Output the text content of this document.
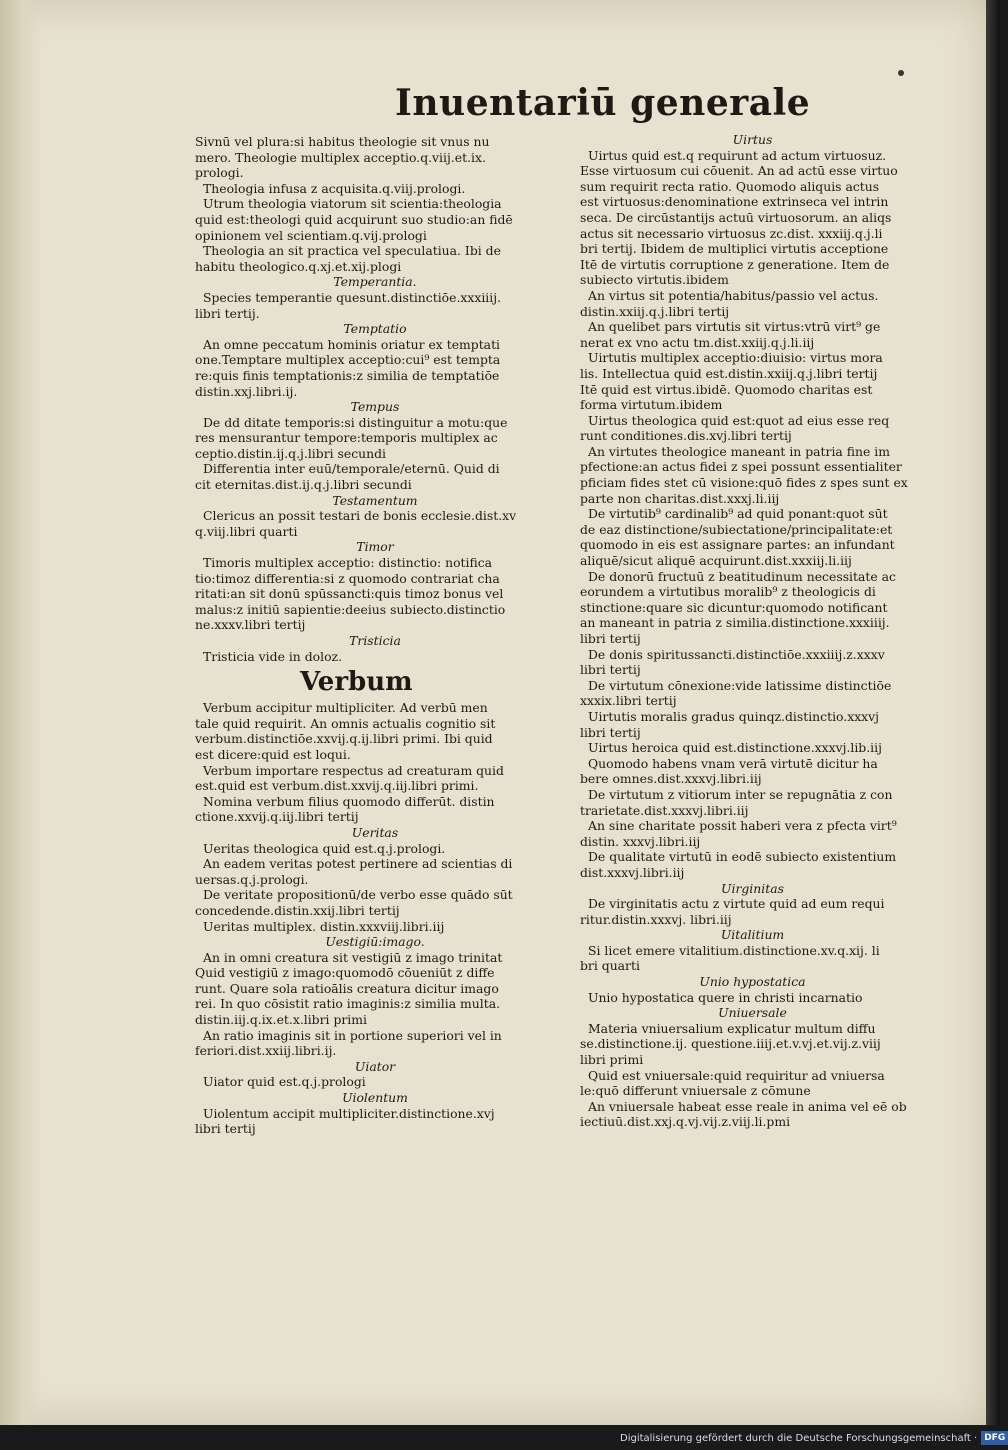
Inuentariū generale
Sivnū vel plura:si habitus theologie sit vnus nu
mero. Theologie multiplex acceptio.q.viij.et.ix.
prologi.
Theologia infusa z acquisita.q.viij.prologi.
Utrum theologia viatorum sit scientia:theologia
quid est:theologi quid acquirunt suo studio:an fidē
opinionem vel scientiam.q.vij.prologi
Theologia an sit practica vel speculatiua. Ibi de
habitu theologico.q.xj.et.xij.plogi
Temperantia.
Species temperantie quesunt.distinctiōe.xxxiiij.
libri tertij.
Temptatio
An omne peccatum hominis oriatur ex temptati
one.Temptare multiplex acceptio:cui⁹ est tempta
re:quis finis temptationis:z similia de temptatiōe
distin.xxj.libri.ij.
Tempus
De dd ditate temporis:si distinguitur a motu:que
res mensurantur tempore:temporis multiplex ac
ceptio.distin.ij.q.j.libri secundi
Differentia inter euū/temporale/eternū. Quid di
cit eternitas.dist.ij.q.j.libri secundi
Testamentum
Clericus an possit testari de bonis ecclesie.dist.xv
q.viij.libri quarti
Timor
Timoris multiplex acceptio: distinctio: notifica
tio:timoz differentia:si z quomodo contrariat cha
ritati:an sit donū spūssancti:quis timoz bonus vel
malus:z initiū sapientie:deeius subiecto.distinctio
ne.xxxv.libri tertij
Tristicia
Tristicia vide in doloz.
Verbum
Verbum accipitur multipliciter. Ad verbū men
tale quid requirit. An omnis actualis cognitio sit
verbum.distinctiōe.xxvij.q.ij.libri primi. Ibi quid
est dicere:quid est loqui.
Verbum importare respectus ad creaturam quid
est.quid est verbum.dist.xxvij.q.iij.libri primi.
Nomina verbum filius quomodo differūt. distin
ctione.xxvij.q.iij.libri tertij
Ueritas
Ueritas theologica quid est.q.j.prologi.
An eadem veritas potest pertinere ad scientias di
uersas.q.j.prologi.
De veritate propositionū/de verbo esse quādo sūt
concedende.distin.xxij.libri tertij
Ueritas multiplex. distin.xxxviij.libri.iij
Uestigiū:imago.
An in omni creatura sit vestigiū z imago trinitat
Quid vestigiū z imago:quomodō cōueniūt z diffe
runt. Quare sola ratioālis creatura dicitur imago
rei. In quo cōsistit ratio imaginis:z similia multa.
distin.iij.q.ix.et.x.libri primi
An ratio imaginis sit in portione superiori vel in
feriori.dist.xxiij.libri.ij.
Uiator
Uiator quid est.q.j.prologi
Uiolentum
Uiolentum accipit multipliciter.distinctione.xvj
libri tertij
Uirtus
Uirtus quid est.q requirunt ad actum virtuosuz.
Esse virtuosum cui cōuenit. An ad actū esse virtuo
sum requirit recta ratio. Quomodo aliquis actus
est virtuosus:denominatione extrinseca vel intrin
seca. De circūstantijs actuū virtuosorum. an aliqs
actus sit necessario virtuosus zc.dist. xxxiij.q.j.li
bri tertij. Ibidem de multiplici virtutis acceptione
Itē de virtutis corruptione z generatione. Item de
subiecto virtutis.ibidem
An virtus sit potentia/habitus/passio vel actus.
distin.xxiij.q.j.libri tertij
An quelibet pars virtutis sit virtus:vtrū virt⁹ ge
nerat ex vno actu tm.dist.xxiij.q.j.li.iij
Uirtutis multiplex acceptio:diuisio: virtus mora
lis. Intellectua quid est.distin.xxiij.q.j.libri tertij
Itē quid est virtus.ibidē. Quomodo charitas est
forma virtutum.ibidem
Uirtus theologica quid est:quot ad eius esse req
runt conditiones.dis.xvj.libri tertij
An virtutes theologice maneant in patria fine im
pfectione:an actus fidei z spei possunt essentialiter
pficiam fides stet cū visione:quō fides z spes sunt ex
parte non charitas.dist.xxxj.li.iij
De virtutib⁹ cardinalib⁹ ad quid ponant:quot sūt
de eaz distinctione/subiectatione/principalitate:et
quomodo in eis est assignare partes: an infundant
aliquē/sicut aliquē acquirunt.dist.xxxiij.li.iij
De donorū fructuū z beatitudinum necessitate ac
eorundem a virtutibus moralib⁹ z theologicis di
stinctione:quare sic dicuntur:quomodo notificant
an maneant in patria z similia.distinctione.xxxiiij.
libri tertij
De donis spiritussancti.distinctiōe.xxxiiij.z.xxxv
libri tertij
De virtutum cōnexione:vide latissime distinctiōe
xxxix.libri tertij
Uirtutis moralis gradus quinqz.distinctio.xxxvj
libri tertij
Uirtus heroica quid est.distinctione.xxxvj.lib.iij
Quomodo habens vnam verā virtutē dicitur ha
bere omnes.dist.xxxvj.libri.iij
De virtutum z vitiorum inter se repugnātia z con
trarietate.dist.xxxvj.libri.iij
An sine charitate possit haberi vera z pfecta virt⁹
distin. xxxvj.libri.iij
De qualitate virtutū in eodē subiecto existentium
dist.xxxvj.libri.iij
Uirginitas
De virginitatis actu z virtute quid ad eum requi
ritur.distin.xxxvj. libri.iij
Uitalitium
Si licet emere vitalitium.distinctione.xv.q.xij. li
bri quarti
Unio hypostatica
Unio hypostatica quere in christi incarnatio
Uniuersale
Materia vniuersalium explicatur multum diffu
se.distinctione.ij. questione.iiij.et.v.vj.et.vij.z.viij
libri primi
Quid est vniuersale:quid requiritur ad vniuersa
le:quō differunt vniuersale z cōmune
An vniuersale habeat esse reale in anima vel eē ob
iectiuū.dist.xxj.q.vj.vij.z.viij.li.pmi
Digitalisierung gefördert durch die Deutsche Forschungsgemeinschaft · DFG
